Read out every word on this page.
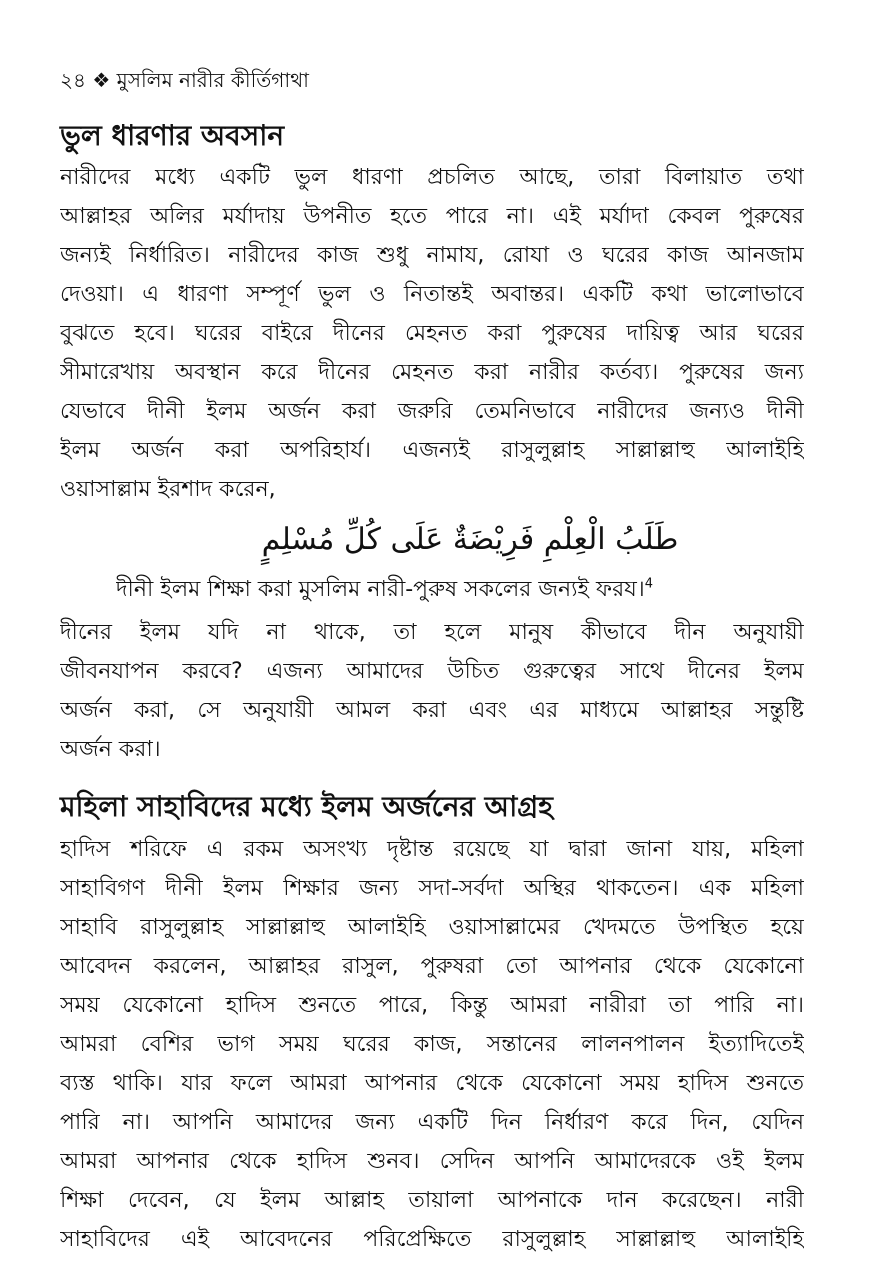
২৪ ❖ মুসলিম নারীর কীর্তিগাথা
ভুল ধারণার অবসান
নারীদের মধ্যে একটি ভুল ধারণা প্রচলিত আছে, তারা বিলায়াত তথা
আল্লাহর অলির মর্যাদায় উপনীত হতে পারে না। এই মর্যাদা কেবল পুরুষের
জন্যই নির্ধারিত। নারীদের কাজ শুধু নামায, রোযা ও ঘরের কাজ আনজাম
দেওয়া। এ ধারণা সম্পূর্ণ ভুল ও নিতান্তই অবান্তর। একটি কথা ভালোভাবে
বুঝতে হবে। ঘরের বাইরে দীনের মেহনত করা পুরুষের দায়িত্ব আর ঘরের
সীমারেখায় অবস্থান করে দীনের মেহনত করা নারীর কর্তব্য। পুরুষের জন্য
যেভাবে দীনী ইলম অর্জন করা জরুরি তেমনিভাবে নারীদের জন্যও দীনী
ইলম অর্জন করা অপরিহার্য। এজন্যই রাসুলুল্লাহ সাল্লাল্লাহু আলাইহি
ওয়াসাল্লাম ইরশাদ করেন,
طَلَبُ الْعِلْمِ فَرِيْضَةٌ عَلَى كُلِّ مُسْلِمٍ
দীনী ইলম শিক্ষা করা মুসলিম নারী-পুরুষ সকলের জন্যই ফরয।$^4$
দীনের ইলম যদি না থাকে, তা হলে মানুষ কীভাবে দীন অনুযায়ী
জীবনযাপন করবে? এজন্য আমাদের উচিত গুরুত্বের সাথে দীনের ইলম
অর্জন করা, সে অনুযায়ী আমল করা এবং এর মাধ্যমে আল্লাহর সন্তুষ্টি
অর্জন করা।
মহিলা সাহাবিদের মধ্যে ইলম অর্জনের আগ্রহ
হাদিস শরিফে এ রকম অসংখ্য দৃষ্টান্ত রয়েছে যা দ্বারা জানা যায়, মহিলা
সাহাবিগণ দীনী ইলম শিক্ষার জন্য সদা-সর্বদা অস্থির থাকতেন। এক মহিলা
সাহাবি রাসুলুল্লাহ সাল্লাল্লাহু আলাইহি ওয়াসাল্লামের খেদমতে উপস্থিত হয়ে
আবেদন করলেন, আল্লাহর রাসুল, পুরুষরা তো আপনার থেকে যেকোনো
সময় যেকোনো হাদিস শুনতে পারে, কিন্তু আমরা নারীরা তা পারি না।
আমরা বেশির ভাগ সময় ঘরের কাজ, সন্তানের লালনপালন ইত্যাদিতেই
ব্যস্ত থাকি। যার ফলে আমরা আপনার থেকে যেকোনো সময় হাদিস শুনতে
পারি না। আপনি আমাদের জন্য একটি দিন নির্ধারণ করে দিন, যেদিন
আমরা আপনার থেকে হাদিস শুনব। সেদিন আপনি আমাদেরকে ওই ইলম
শিক্ষা দেবেন, যে ইলম আল্লাহ তায়ালা আপনাকে দান করেছেন। নারী
সাহাবিদের এই আবেদনের পরিপ্রেক্ষিতে রাসুলুল্লাহ সাল্লাল্লাহু আলাইহি
